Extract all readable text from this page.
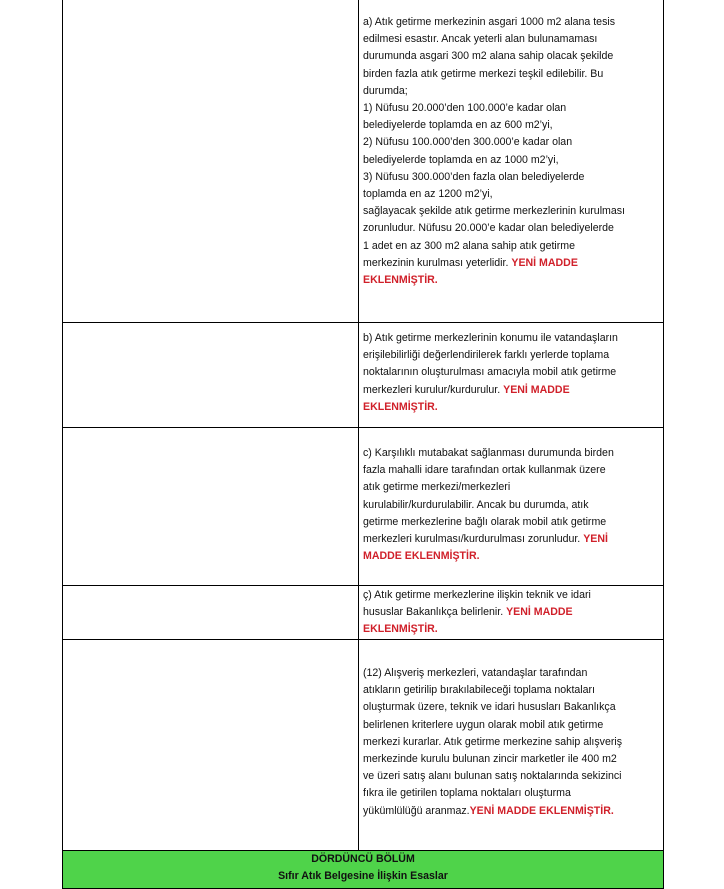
a) Atık getirme merkezinin asgari 1000 m2 alana tesis
edilmesi esastır. Ancak yeterli alan bulunamaması
durumunda asgari 300 m2 alana sahip olacak şekilde
birden fazla atık getirme merkezi teşkil edilebilir. Bu
durumda;
1) Nüfusu 20.000’den 100.000’e kadar olan
belediyelerde toplamda en az 600 m2’yi,
2) Nüfusu 100.000’den 300.000’e kadar olan
belediyelerde toplamda en az 1000 m2’yi,
3) Nüfusu 300.000’den fazla olan belediyelerde
toplamda en az 1200 m2’yi,
sağlayacak şekilde atık getirme merkezlerinin kurulması
zorunludur. Nüfusu 20.000’e kadar olan belediyelerde
1 adet en az 300 m2 alana sahip atık getirme
merkezinin kurulması yeterlidir. YENİ MADDE
EKLENMİŞTİR.
b) Atık getirme merkezlerinin konumu ile vatandaşların
erişilebilirliği değerlendirilerek farklı yerlerde toplama
noktalarının oluşturulması amacıyla mobil atık getirme
merkezleri kurulur/kurdurulur. YENİ MADDE
EKLENMİŞTİR.
c) Karşılıklı mutabakat sağlanması durumunda birden
fazla mahalli idare tarafından ortak kullanmak üzere
atık getirme merkezi/merkezleri
kurulabilir/kurdurulabilir. Ancak bu durumda, atık
getirme merkezlerine bağlı olarak mobil atık getirme
merkezleri kurulması/kurdurulması zorunludur. YENİ
MADDE EKLENMİŞTİR.
ç) Atık getirme merkezlerine ilişkin teknik ve idari
hususlar Bakanlıkça belirlenir. YENİ MADDE
EKLENMİŞTİR.
(12) Alışveriş merkezleri, vatandaşlar tarafından
atıkların getirilip bırakılabileceği toplama noktaları
oluşturmak üzere, teknik ve idari hususları Bakanlıkça
belirlenen kriterlere uygun olarak mobil atık getirme
merkezi kurarlar. Atık getirme merkezine sahip alışveriş
merkezinde kurulu bulunan zincir marketler ile 400 m2
ve üzeri satış alanı bulunan satış noktalarında sekizinci
fıkra ile getirilen toplama noktaları oluşturma
yükümlülüğü aranmaz.YENİ MADDE EKLENMİŞTİR.
DÖRDÜNCÜ BÖLÜM
Sıfır Atık Belgesine İlişkin Esaslar
